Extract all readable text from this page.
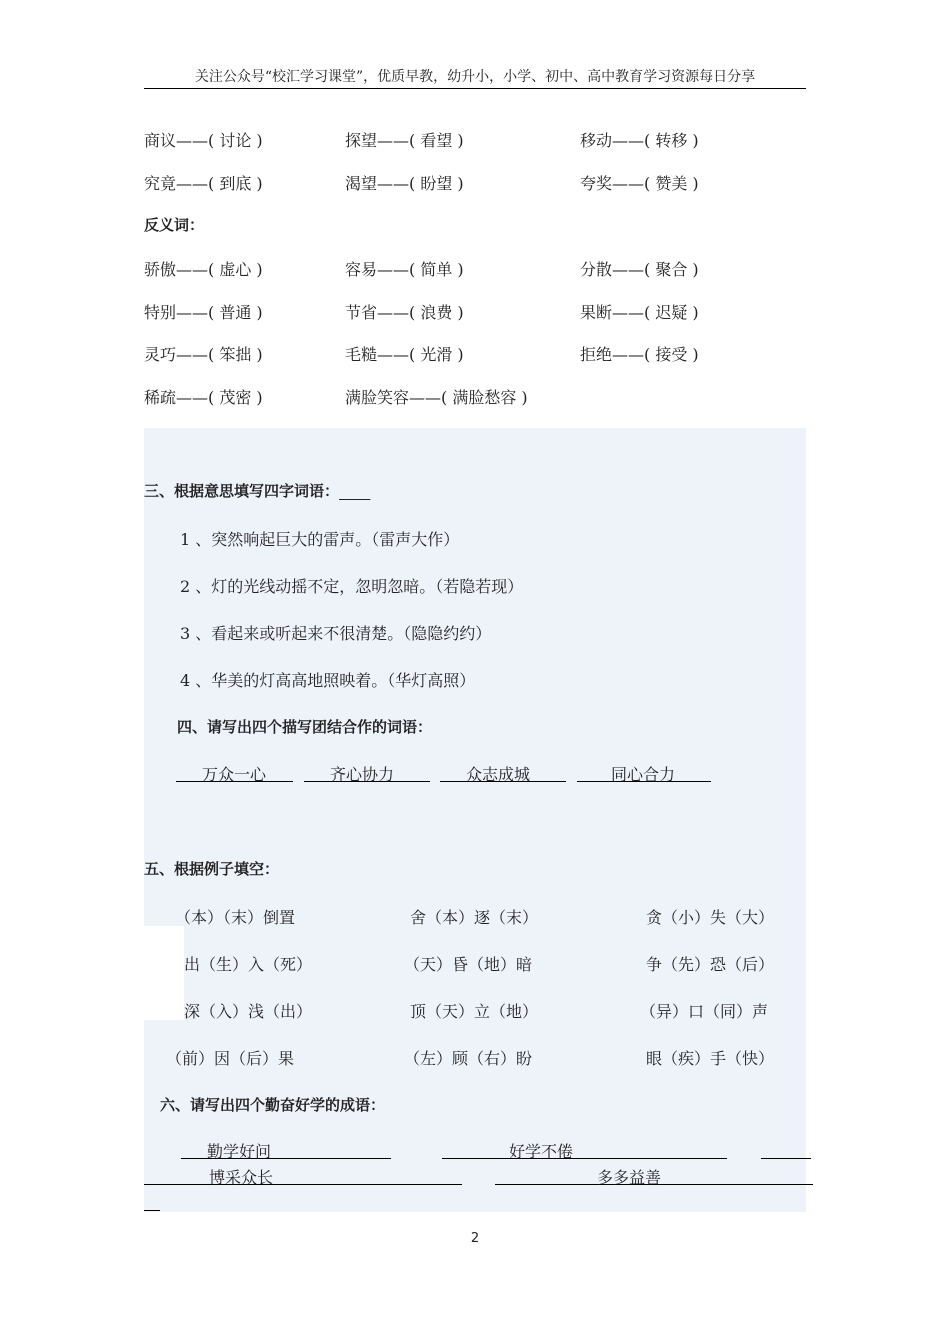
关注公众号“校汇学习课堂”，优质早教，幼升小，小学、初中、高中教育学习资源每日分享
商议——( 讨论 )	探望——( 看望 )	移动——( 转移 )
究竟——( 到底 )	渴望——( 盼望 )	夸奖——( 赞美 )
反义词：
骄傲——( 虚心 )	容易——( 简单 )	分散——( 聚合 )
特别——( 普通 )	节省——( 浪费 )	果断——( 迟疑 )
灵巧——( 笨拙 )	毛糙——( 光滑 )	拒绝——( 接受 )
稀疏——( 茂密 )	满脸笑容——( 满脸愁容 )
三、根据意思填写四字词语：   
1 、突然响起巨大的雷声。（雷声大作）
2 、灯的光线动摇不定，忽明忽暗。（若隐若现）
3 、看起来或听起来不很清楚。（隐隐约约）
4 、华美的灯高高地照映着。（华灯高照）
四、请写出四个描写团结合作的词语：
万众一心	齐心协力	众志成城	同心合力
五、根据例子填空：
（本）（末）倒置	舍（本）逐（末）	贪（小）失（大）
出（生）入（死）	（天）昏（地）暗	争（先）恐（后）
深（入）浅（出）	顶（天）立（地）	（异）口（同）声
（前）因（后）果	（左）顾（右）盼	眼（疾）手（快）
六、请写出四个勤奋好学的成语：
勤学好问	好学不倦
博采众长	多多益善
2
